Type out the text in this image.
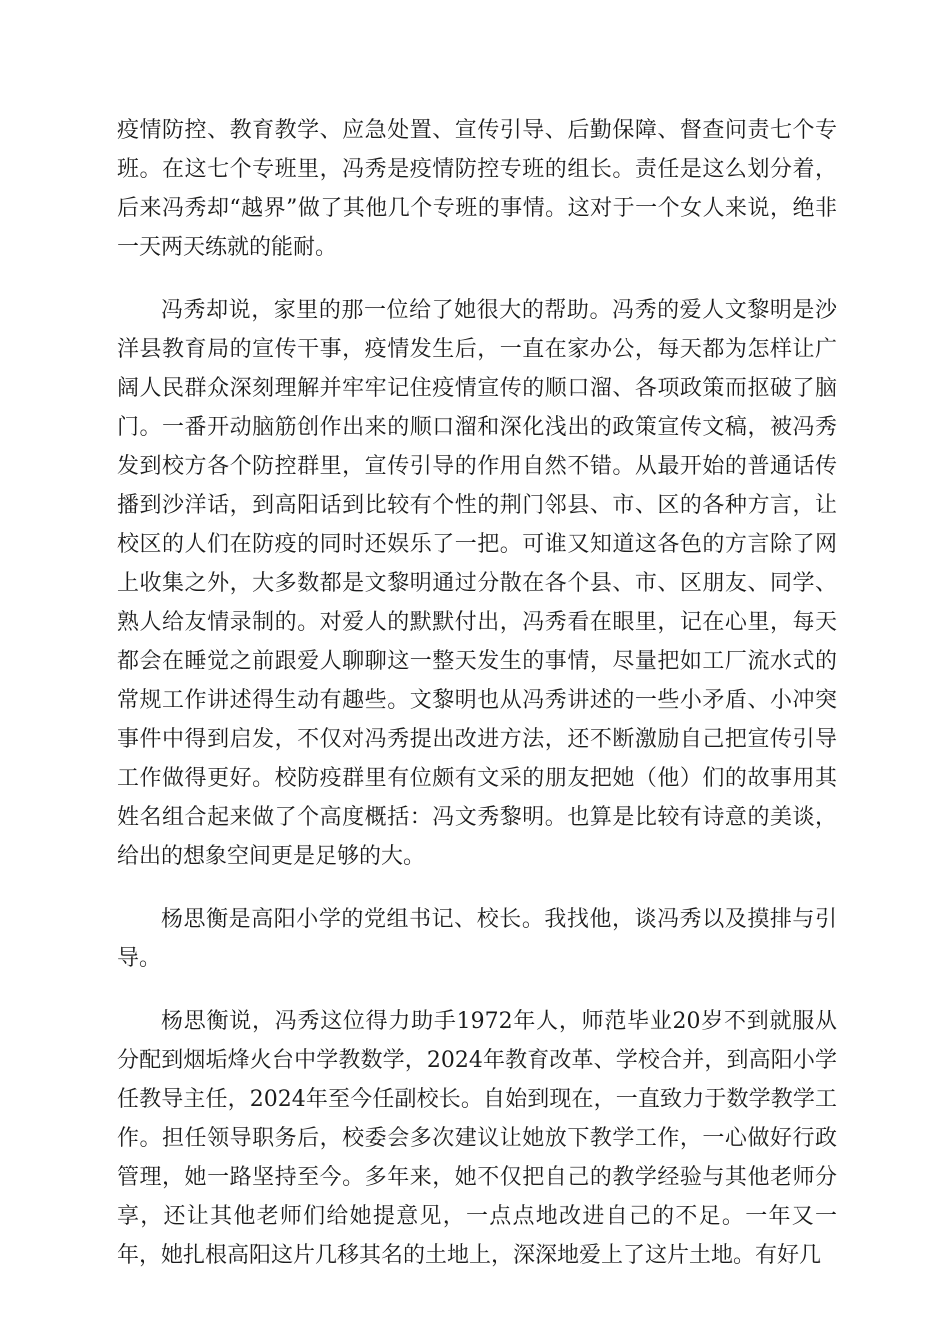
疫情防控、教育教学、应急处置、宣传引导、后勤保障、督查问责七个专班。在这七个专班里，冯秀是疫情防控专班的组长。责任是这么划分着，后来冯秀却“越界”做了其他几个专班的事情。这对于一个女人来说，绝非一天两天练就的能耐。

冯秀却说，家里的那一位给了她很大的帮助。冯秀的爱人文黎明是沙洋县教育局的宣传干事，疫情发生后，一直在家办公，每天都为怎样让广阔人民群众深刻理解并牢牢记住疫情宣传的顺口溜、各项政策而抠破了脑门。一番开动脑筋创作出来的顺口溜和深化浅出的政策宣传文稿，被冯秀发到校方各个防控群里，宣传引导的作用自然不错。从最开始的普通话传播到沙洋话，到高阳话到比较有个性的荆门邻县、市、区的各种方言，让校区的人们在防疫的同时还娱乐了一把。可谁又知道这各色的方言除了网上收集之外，大多数都是文黎明通过分散在各个县、市、区朋友、同学、熟人给友情录制的。对爱人的默默付出，冯秀看在眼里，记在心里，每天都会在睡觉之前跟爱人聊聊这一整天发生的事情，尽量把如工厂流水式的常规工作讲述得生动有趣些。文黎明也从冯秀讲述的一些小矛盾、小冲突事件中得到启发，不仅对冯秀提出改进方法，还不断激励自己把宣传引导工作做得更好。校防疫群里有位颇有文采的朋友把她（他）们的故事用其姓名组合起来做了个高度概括：冯文秀黎明。也算是比较有诗意的美谈，给出的想象空间更是足够的大。

杨思衡是高阳小学的党组书记、校长。我找他，谈冯秀以及摸排与引导。

杨思衡说，冯秀这位得力助手1972年人，师范毕业20岁不到就服从分配到烟垢烽火台中学教数学，2024年教育改革、学校合并，到高阳小学任教导主任，2024年至今任副校长。自始到现在，一直致力于数学教学工作。担任领导职务后，校委会多次建议让她放下教学工作，一心做好行政管理，她一路坚持至今。多年来，她不仅把自己的教学经验与其他老师分享，还让其他老师们给她提意见，一点点地改进自己的不足。一年又一年，她扎根高阳这片几移其名的土地上，深深地爱上了这片土地。有好几
